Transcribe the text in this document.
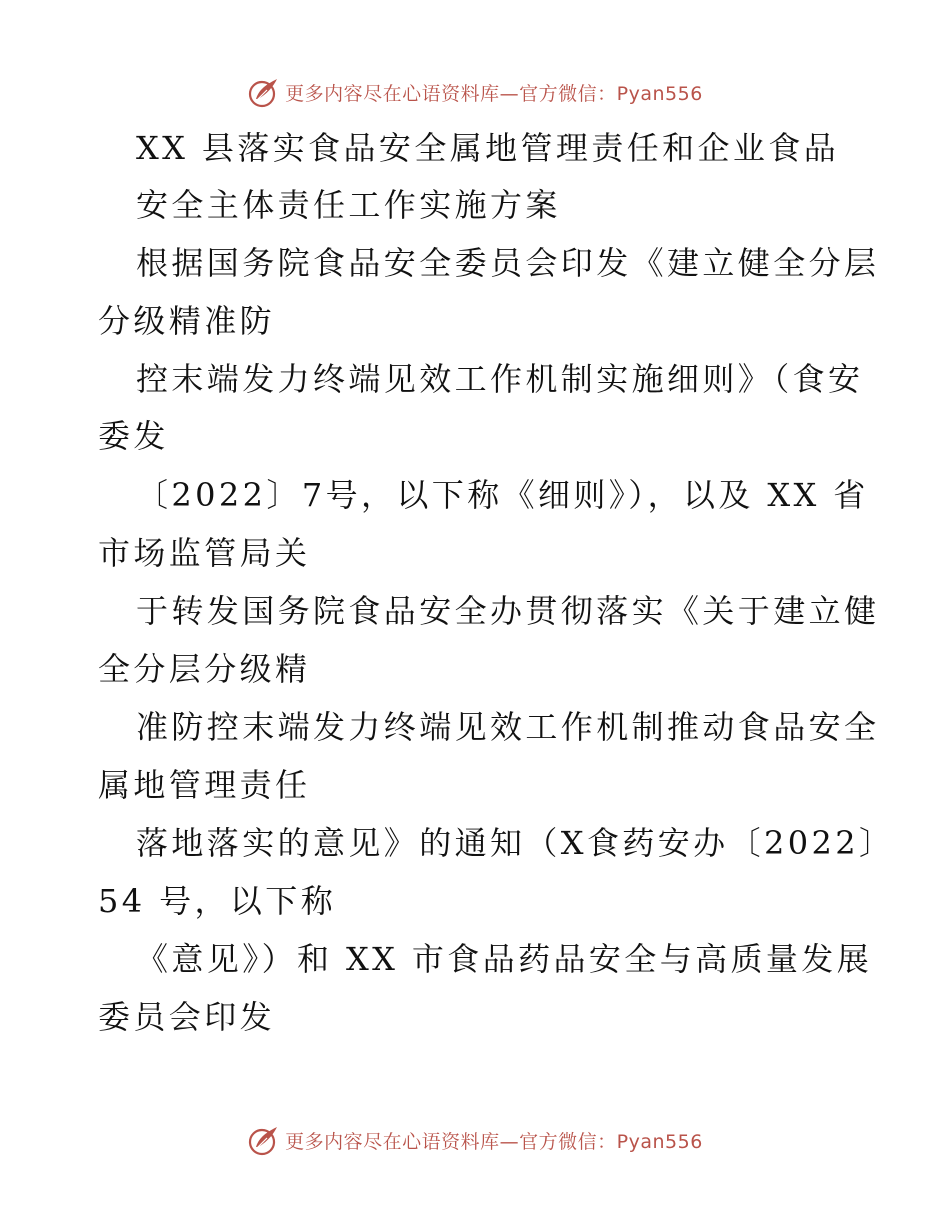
更多内容尽在心语资料库—官方微信：Pyan556
XX 县落实食品安全属地管理责任和企业食品
安全主体责任工作实施方案
根据国务院食品安全委员会印发《建立健全分层
分级精准防
控末端发力终端见效工作机制实施细则》（食安
委发
〔2022〕7号，以下称《细则》），以及 XX 省
市场监管局关
于转发国务院食品安全办贯彻落实《关于建立健
全分层分级精
准防控末端发力终端见效工作机制推动食品安全
属地管理责任
落地落实的意见》的通知（X食药安办〔2022〕
54 号，以下称
《意见》）和 XX 市食品药品安全与高质量发展
委员会印发
更多内容尽在心语资料库—官方微信：Pyan556
